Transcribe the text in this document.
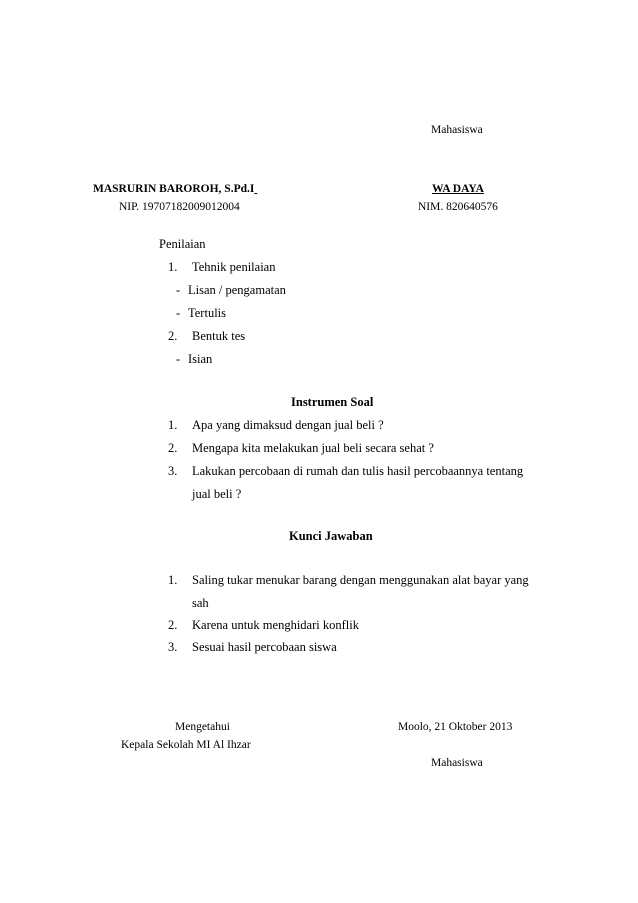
Mahasiswa
MASRURIN BAROROH, S.Pd.I
NIP. 19707182009012004
WA DAYA
NIM. 820640576
Penilaian
1. Tehnik penilaian
- Lisan / pengamatan
- Tertulis
2. Bentuk tes
- Isian
Instrumen Soal
1. Apa yang dimaksud dengan jual beli ?
2. Mengapa kita melakukan jual beli secara sehat ?
3. Lakukan percobaan di rumah dan tulis hasil percobaannya tentang
jual beli ?
Kunci Jawaban
1. Saling tukar menukar barang dengan menggunakan alat bayar yang
sah
2. Karena untuk menghidari konflik
3. Sesuai hasil percobaan siswa
Mengetahui
Kepala Sekolah MI Al Ihzar
Moolo, 21 Oktober 2013
Mahasiswa
